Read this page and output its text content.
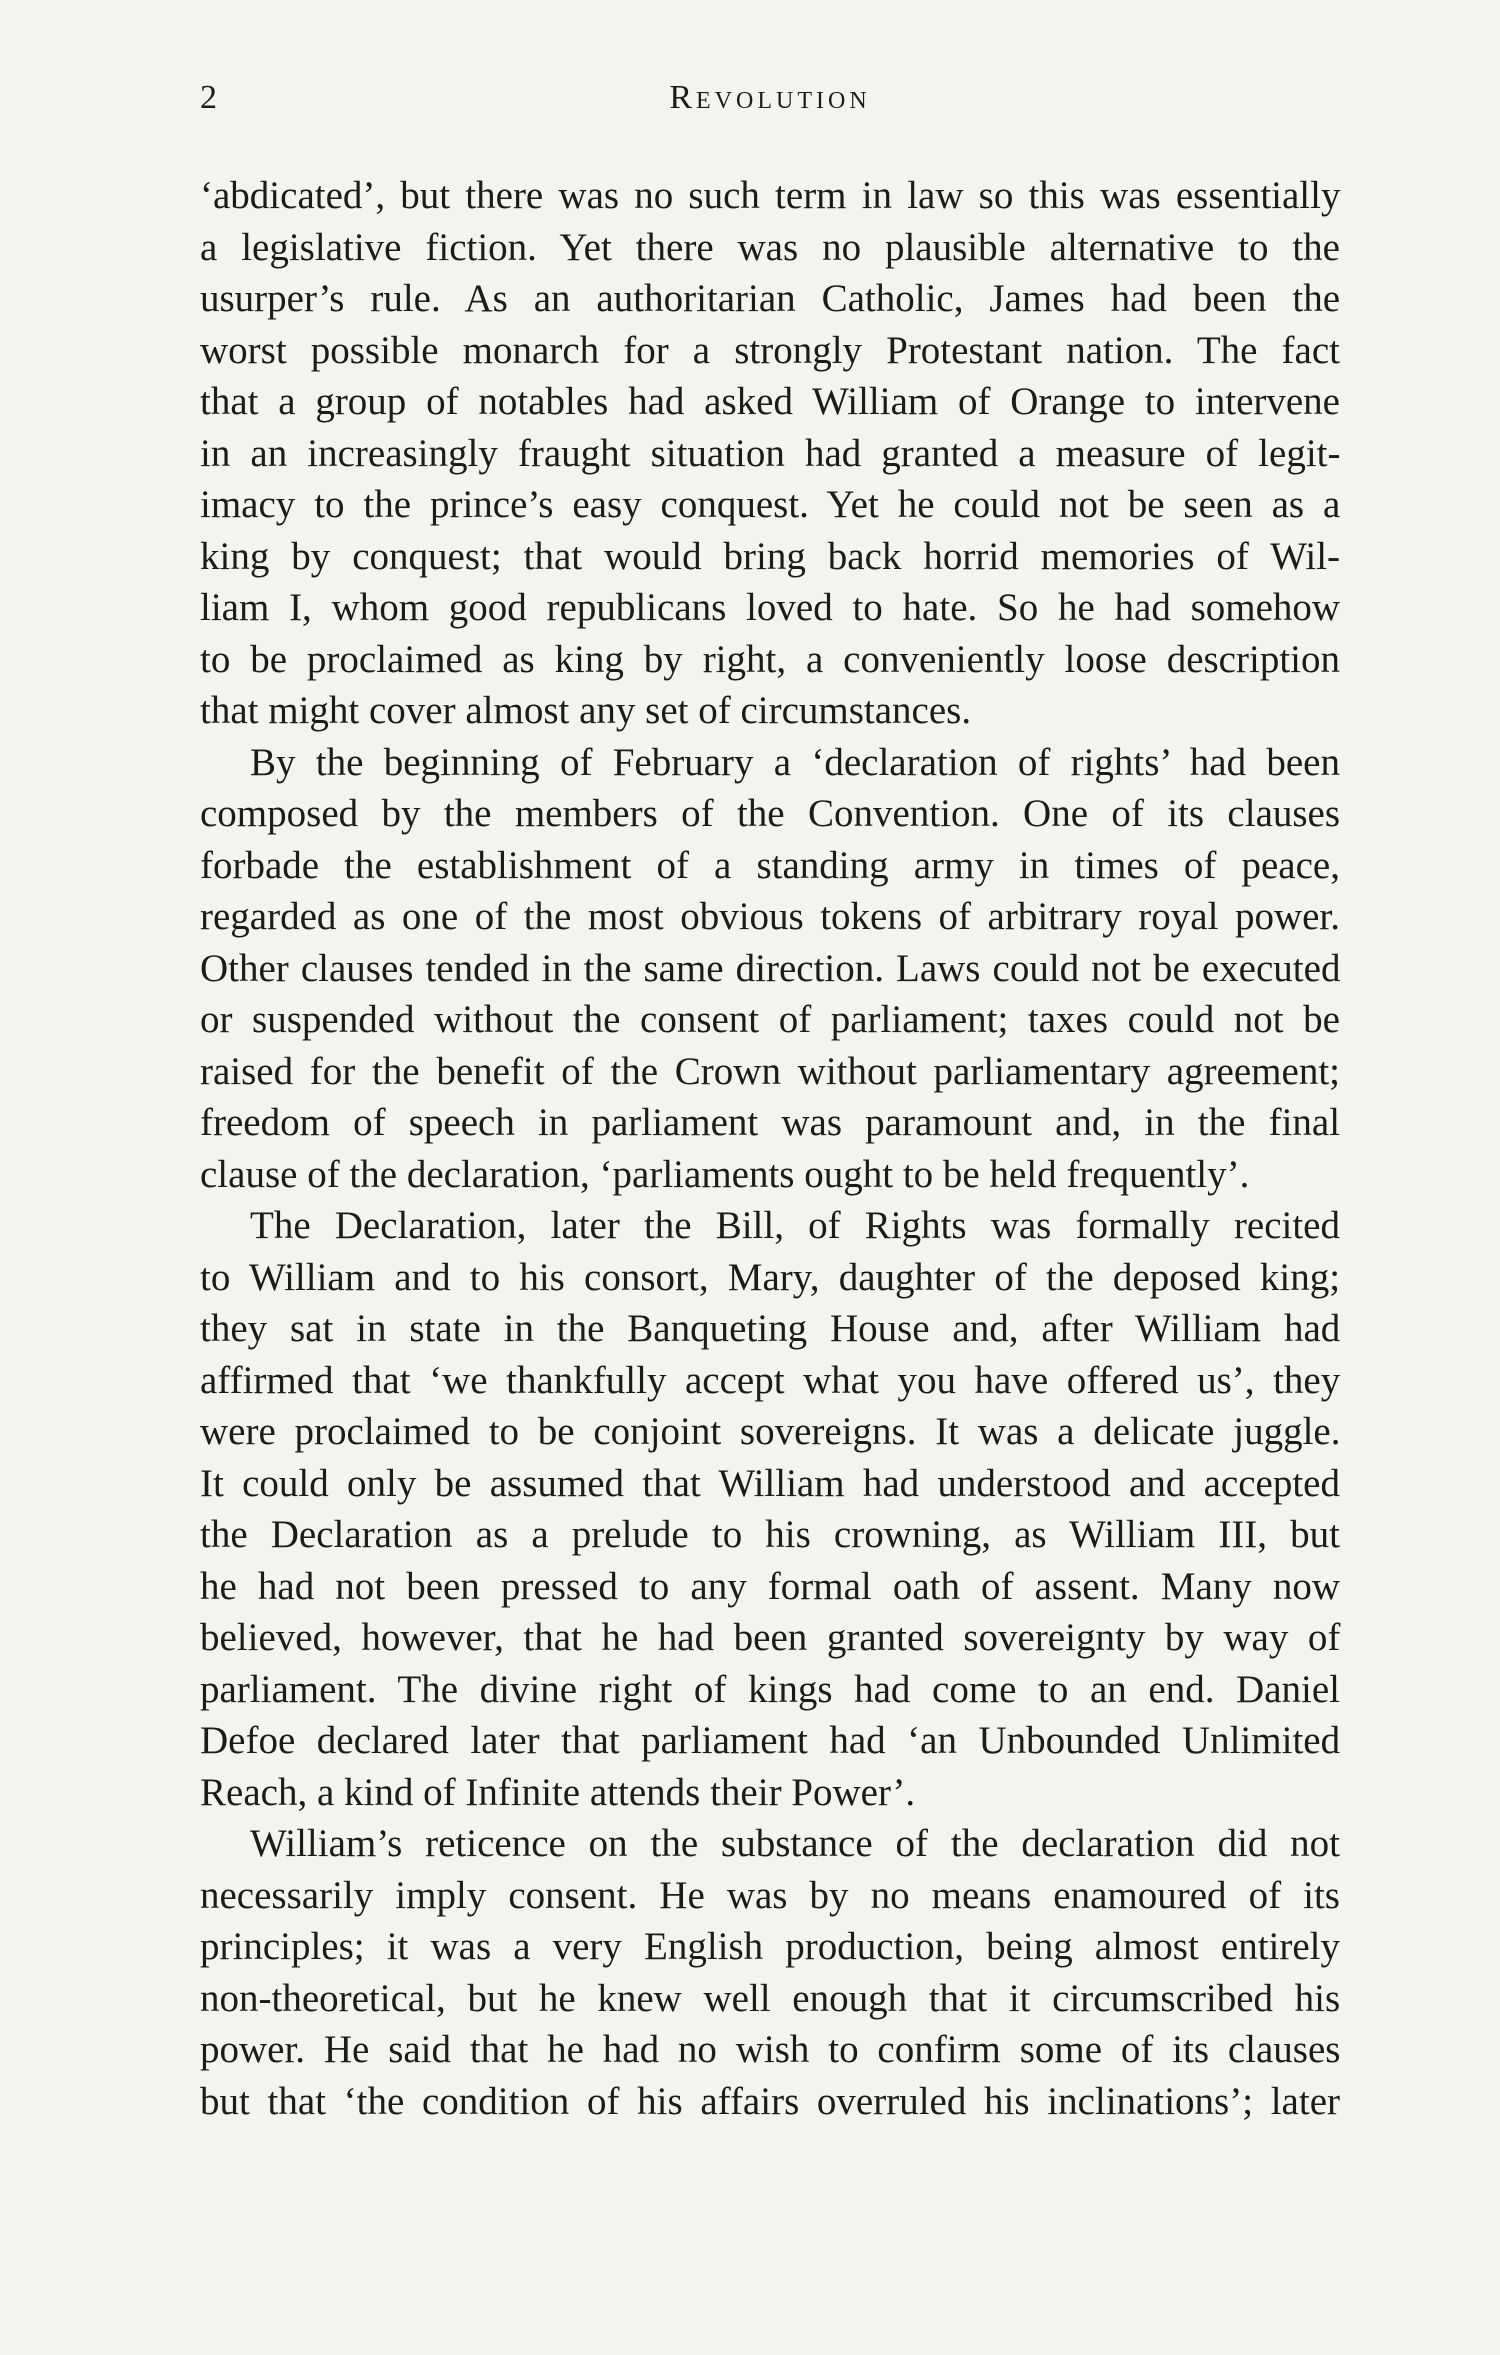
2	Revolution

‘abdicated’, but there was no such term in law so this was essentially
a legislative fiction. Yet there was no plausible alternative to the
usurper’s rule. As an authoritarian Catholic, James had been the
worst possible monarch for a strongly Protestant nation. The fact
that a group of notables had asked William of Orange to intervene
in an increasingly fraught situation had granted a measure of legit-
imacy to the prince’s easy conquest. Yet he could not be seen as a
king by conquest; that would bring back horrid memories of Wil-
liam I, whom good republicans loved to hate. So he had somehow
to be proclaimed as king by right, a conveniently loose description
that might cover almost any set of circumstances.

By the beginning of February a ‘declaration of rights’ had been
composed by the members of the Convention. One of its clauses
forbade the establishment of a standing army in times of peace,
regarded as one of the most obvious tokens of arbitrary royal power.
Other clauses tended in the same direction. Laws could not be executed
or suspended without the consent of parliament; taxes could not be
raised for the benefit of the Crown without parliamentary agreement;
freedom of speech in parliament was paramount and, in the final
clause of the declaration, ‘parliaments ought to be held frequently’.

The Declaration, later the Bill, of Rights was formally recited
to William and to his consort, Mary, daughter of the deposed king;
they sat in state in the Banqueting House and, after William had
affirmed that ‘we thankfully accept what you have offered us’, they
were proclaimed to be conjoint sovereigns. It was a delicate juggle.
It could only be assumed that William had understood and accepted
the Declaration as a prelude to his crowning, as William III, but
he had not been pressed to any formal oath of assent. Many now
believed, however, that he had been granted sovereignty by way of
parliament. The divine right of kings had come to an end. Daniel
Defoe declared later that parliament had ‘an Unbounded Unlimited
Reach, a kind of Infinite attends their Power’.

William’s reticence on the substance of the declaration did not
necessarily imply consent. He was by no means enamoured of its
principles; it was a very English production, being almost entirely
non-theoretical, but he knew well enough that it circumscribed his
power. He said that he had no wish to confirm some of its clauses
but that ‘the condition of his affairs overruled his inclinations’; later
